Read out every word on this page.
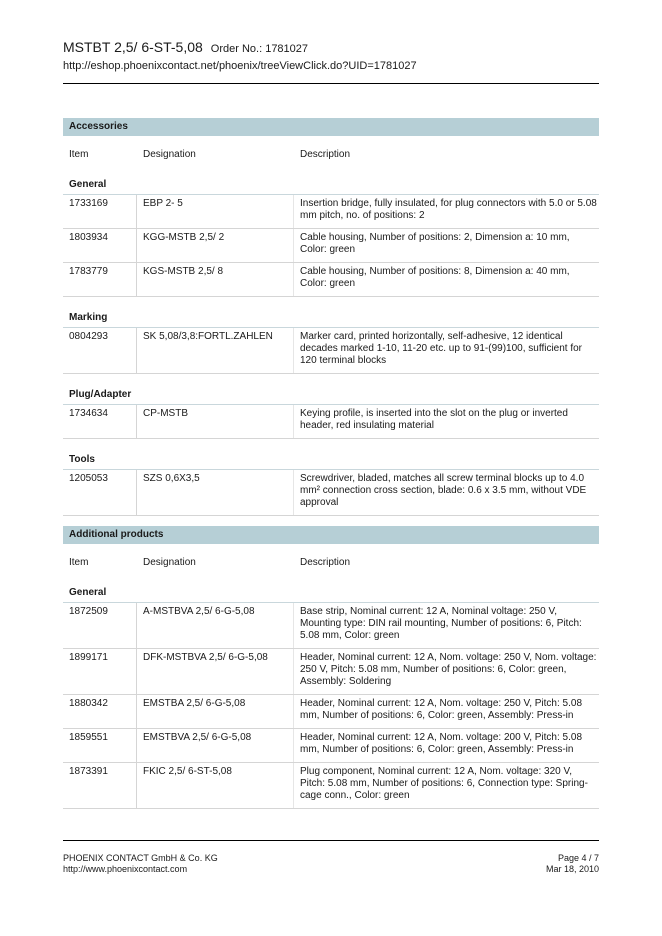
MSTBT 2,5/ 6-ST-5,08 Order No.: 1781027
http://eshop.phoenixcontact.net/phoenix/treeViewClick.do?UID=1781027
Accessories
Item	Designation	Description
General
1733169	EBP 2- 5	Insertion bridge, fully insulated, for plug connectors with 5.0 or 5.08 mm pitch, no. of positions: 2
1803934	KGG-MSTB 2,5/ 2	Cable housing, Number of positions: 2, Dimension a: 10 mm, Color: green
1783779	KGS-MSTB 2,5/ 8	Cable housing, Number of positions: 8, Dimension a: 40 mm, Color: green
Marking
0804293	SK 5,08/3,8:FORTL.ZAHLEN	Marker card, printed horizontally, self-adhesive, 12 identical decades marked 1-10, 11-20 etc. up to 91-(99)100, sufficient for 120 terminal blocks
Plug/Adapter
1734634	CP-MSTB	Keying profile, is inserted into the slot on the plug or inverted header, red insulating material
Tools
1205053	SZS 0,6X3,5	Screwdriver, bladed, matches all screw terminal blocks up to 4.0 mm² connection cross section, blade: 0.6 x 3.5 mm, without VDE approval
Additional products
Item	Designation	Description
General
1872509	A-MSTBVA 2,5/ 6-G-5,08	Base strip, Nominal current: 12 A, Nominal voltage: 250 V, Mounting type: DIN rail mounting, Number of positions: 6, Pitch: 5.08 mm, Color: green
1899171	DFK-MSTBVA 2,5/ 6-G-5,08	Header, Nominal current: 12 A, Nom. voltage: 250 V, Nom. voltage: 250 V, Pitch: 5.08 mm, Number of positions: 6, Color: green, Assembly: Soldering
1880342	EMSTBA 2,5/ 6-G-5,08	Header, Nominal current: 12 A, Nom. voltage: 250 V, Pitch: 5.08 mm, Number of positions: 6, Color: green, Assembly: Press-in
1859551	EMSTBVA 2,5/ 6-G-5,08	Header, Nominal current: 12 A, Nom. voltage: 200 V, Pitch: 5.08 mm, Number of positions: 6, Color: green, Assembly: Press-in
1873391	FKIC 2,5/ 6-ST-5,08	Plug component, Nominal current: 12 A, Nom. voltage: 320 V, Pitch: 5.08 mm, Number of positions: 6, Connection type: Spring-cage conn., Color: green
PHOENIX CONTACT GmbH & Co. KG
http://www.phoenixcontact.com
Page 4 / 7
Mar 18, 2010
